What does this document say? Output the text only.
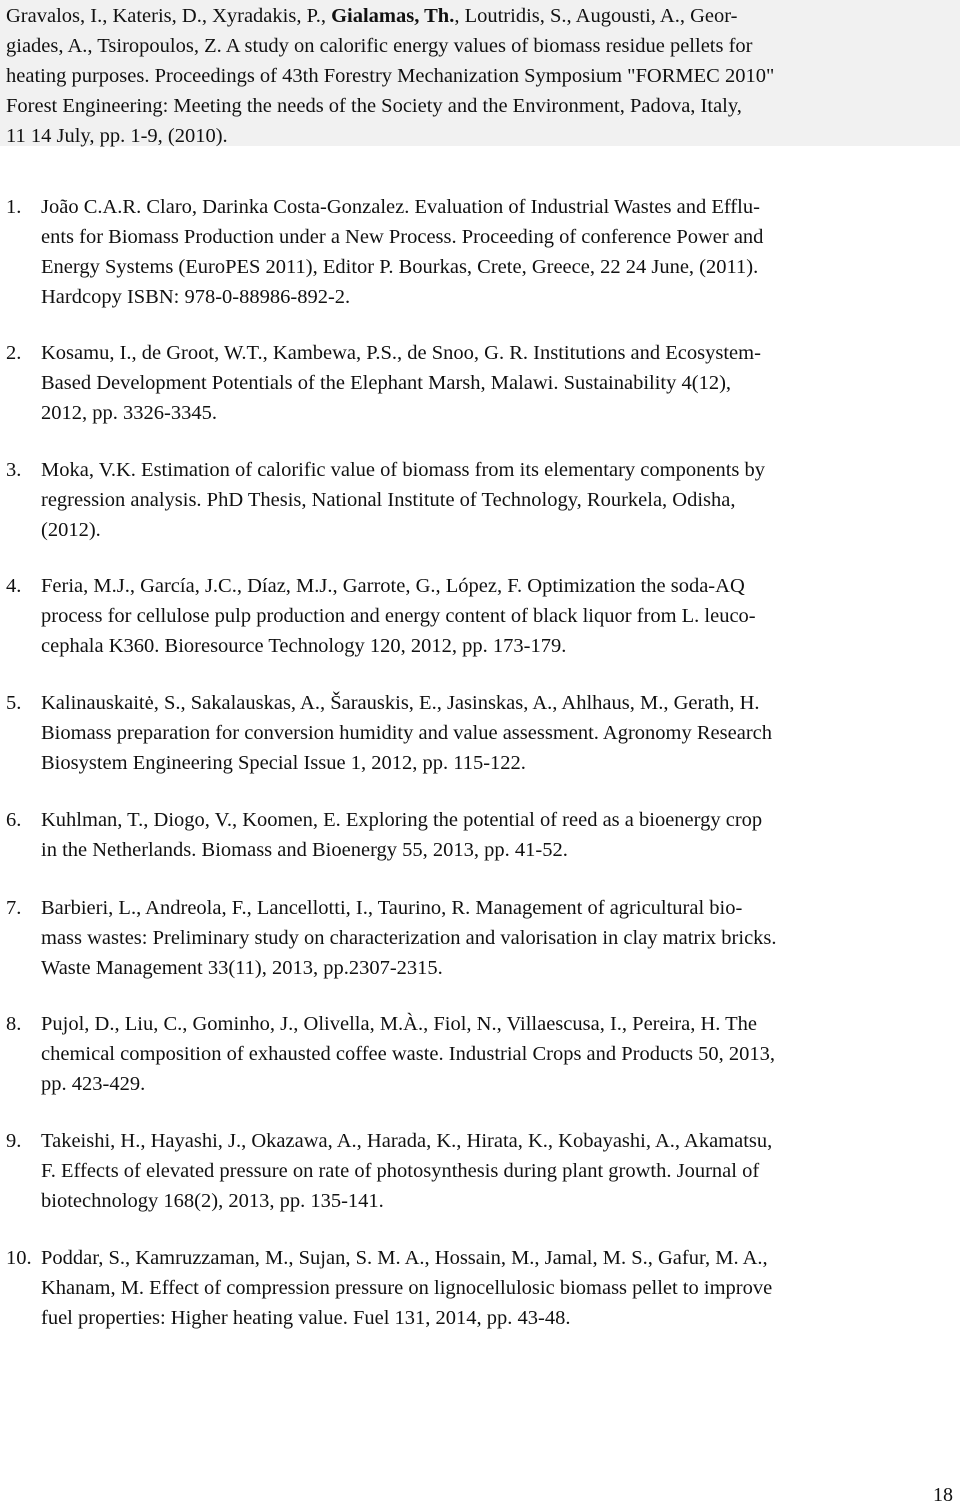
Gravalos, I., Kateris, D., Xyradakis, P., Gialamas, Th., Loutridis, S., Augousti, A., Geor-
giades, A., Tsiropoulos, Z. A study on calorific energy values of biomass residue pellets for
heating purposes. Proceedings of 43th Forestry Mechanization Symposium "FORMEC 2010"
Forest Engineering: Meeting the needs of the Society and the Environment, Padova, Italy,
11 14 July, pp. 1-9, (2010).
1. João C.A.R. Claro, Darinka Costa-Gonzalez. Evaluation of Industrial Wastes and Efflu-
ents for Biomass Production under a New Process. Proceeding of conference Power and
Energy Systems (EuroPES 2011), Editor P. Bourkas, Crete, Greece, 22 24 June, (2011).
Hardcopy ISBN: 978-0-88986-892-2.
2. Kosamu, I., de Groot, W.T., Kambewa, P.S., de Snoo, G. R. Institutions and Ecosystem-
Based Development Potentials of the Elephant Marsh, Malawi. Sustainability 4(12),
2012, pp. 3326-3345.
3. Moka, V.K. Estimation of calorific value of biomass from its elementary components by
regression analysis. PhD Thesis, National Institute of Technology, Rourkela, Odisha,
(2012).
4. Feria, M.J., García, J.C., Díaz, M.J., Garrote, G., López, F. Optimization the soda-AQ
process for cellulose pulp production and energy content of black liquor from L. leuco-
cephala K360. Bioresource Technology 120, 2012, pp. 173-179.
5. Kalinauskaitė, S., Sakalauskas, A., Šarauskis, E., Jasinskas, A., Ahlhaus, M., Gerath, H.
Biomass preparation for conversion humidity and value assessment. Agronomy Research
Biosystem Engineering Special Issue 1, 2012, pp. 115-122.
6. Kuhlman, T., Diogo, V., Koomen, E. Exploring the potential of reed as a bioenergy crop
in the Netherlands. Biomass and Bioenergy 55, 2013, pp. 41-52.
7. Barbieri, L., Andreola, F., Lancellotti, I., Taurino, R. Management of agricultural bio-
mass wastes: Preliminary study on characterization and valorisation in clay matrix bricks.
Waste Management 33(11), 2013, pp.2307-2315.
8. Pujol, D., Liu, C., Gominho, J., Olivella, M.À., Fiol, N., Villaescusa, I., Pereira, H. The
chemical composition of exhausted coffee waste. Industrial Crops and Products 50, 2013,
pp. 423-429.
9. Takeishi, H., Hayashi, J., Okazawa, A., Harada, K., Hirata, K., Kobayashi, A., Akamatsu,
F. Effects of elevated pressure on rate of photosynthesis during plant growth. Journal of
biotechnology 168(2), 2013, pp. 135-141.
10. Poddar, S., Kamruzzaman, M., Sujan, S. M. A., Hossain, M., Jamal, M. S., Gafur, M. A.,
Khanam, M. Effect of compression pressure on lignocellulosic biomass pellet to improve
fuel properties: Higher heating value. Fuel 131, 2014, pp. 43-48.
18
